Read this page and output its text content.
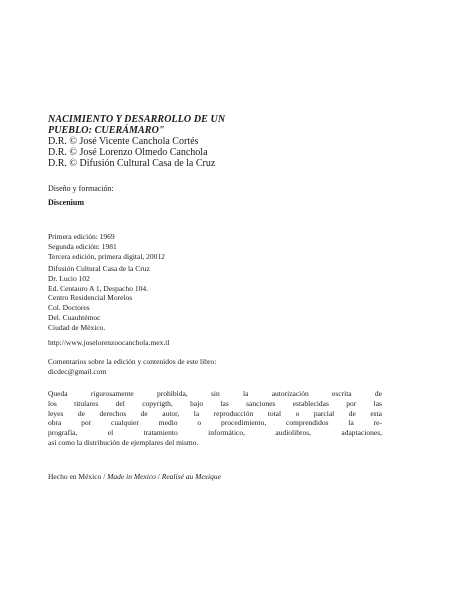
NACIMIENTO Y DESARROLLO DE UN
PUEBLO: CUERÁMARO"
D.R. © José Vicente Canchola Cortés
D.R. © José Lorenzo Olmedo Canchola
D.R. © Difusión Cultural Casa de la Cruz
Diseño y formación:
Discenium
Primera edición: 1969
Segunda edición: 1981
Tercera edición, primera digital, 20012
Difusión Cultural Casa de la Cruz
Dr. Lucio 102
Ed. Centauro A 1, Despacho 104.
Centro Residencial Morelos
Col. Doctores
Del. Cuauhtémoc
Ciudad de México.
http://www.joselorenzoocanchola.mex.tl
Comentarios sobre la edición y contenidos de este libro:
dicdec@gmail.com
Queda rigurosamente prohibida, sin la autorización escrita de
los titulares del copyrigth, bajo las sanciones establecidas por las
leyes de derechos de autor, la reproducción total o parcial de esta
obra por cualquier medio o procedimiento, comprendidos la re-
prografía, el tratamiento informático, audiolibros, adaptaciones,
así como la distribución de ejemplares del mismo.
Hecho en México / Made in Mexico / Realisé au Mexique
